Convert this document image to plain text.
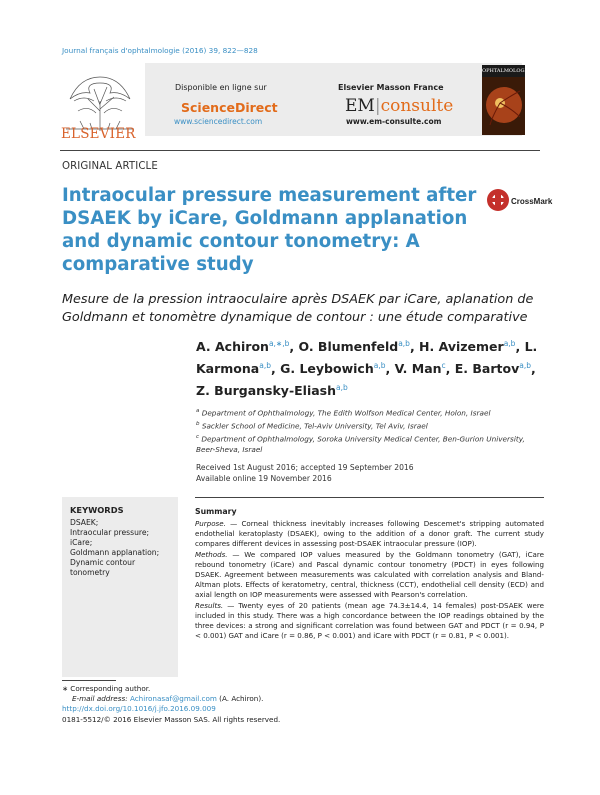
Journal français d'ophtalmologie (2016) 39, 822—828
ELSEVIER
Disponible en ligne sur
ScienceDirect
www.sciencedirect.com
Elsevier Masson France
EM|consulte
www.em-consulte.com
OPHTALMOLOGIE
ORIGINAL ARTICLE
Intraocular pressure measurement after DSAEK by iCare, Goldmann applanation and dynamic contour tonometry: A comparative study
CrossMark
Mesure de la pression intraoculaire après DSAEK par iCare, aplanation de Goldmann et tonomètre dynamique de contour : une étude comparative
A. Achiron$^{a,∗,b}$, O. Blumenfeld$^{a,b}$, H. Avizemer$^{a,b}$, L. Karmona$^{a,b}$, G. Leybowich$^{a,b}$, V. Man$^c$, E. Bartov$^{a,b}$, Z. Burgansky-Eliash$^{a,b}$
$^a$ Department of Ophthalmology, The Edith Wolfson Medical Center, Holon, Israel
$^b$ Sackler School of Medicine, Tel-Aviv University, Tel Aviv, Israel
$^c$ Department of Ophthalmology, Soroka University Medical Center, Ben-Gurion University, Beer-Sheva, Israel
Received 1st August 2016; accepted 19 September 2016
Available online 19 November 2016
KEYWORDS
DSAEK;
Intraocular pressure;
iCare;
Goldmann applanation;
Dynamic contour tonometry
Summary
Purpose. — Corneal thickness inevitably increases following Descemet's stripping automated endothelial keratoplasty (DSAEK), owing to the addition of a donor graft. The current study compares different devices in assessing post-DSAEK intraocular pressure (IOP).
Methods. — We compared IOP values measured by the Goldmann tonometry (GAT), iCare rebound tonometry (iCare) and Pascal dynamic contour tonometry (PDCT) in eyes following DSAEK. Agreement between measurements was calculated with correlation analysis and Bland-Altman plots. Effects of keratometry, central, thickness (CCT), endothelial cell density (ECD) and axial length on IOP measurements were assessed with Pearson's correlation.
Results. — Twenty eyes of 20 patients (mean age 74.3±14.4, 14 females) post-DSAEK were included in this study. There was a high concordance between the IOP readings obtained by the three devices: a strong and significant correlation was found between GAT and PDCT (r = 0.94, P < 0.001) GAT and iCare (r = 0.86, P < 0.001) and iCare with PDCT (r = 0.81, P < 0.001).
∗ Corresponding author.
E-mail address: Achironasaf@gmail.com (A. Achiron).
http://dx.doi.org/10.1016/j.jfo.2016.09.009
0181-5512/© 2016 Elsevier Masson SAS. All rights reserved.
